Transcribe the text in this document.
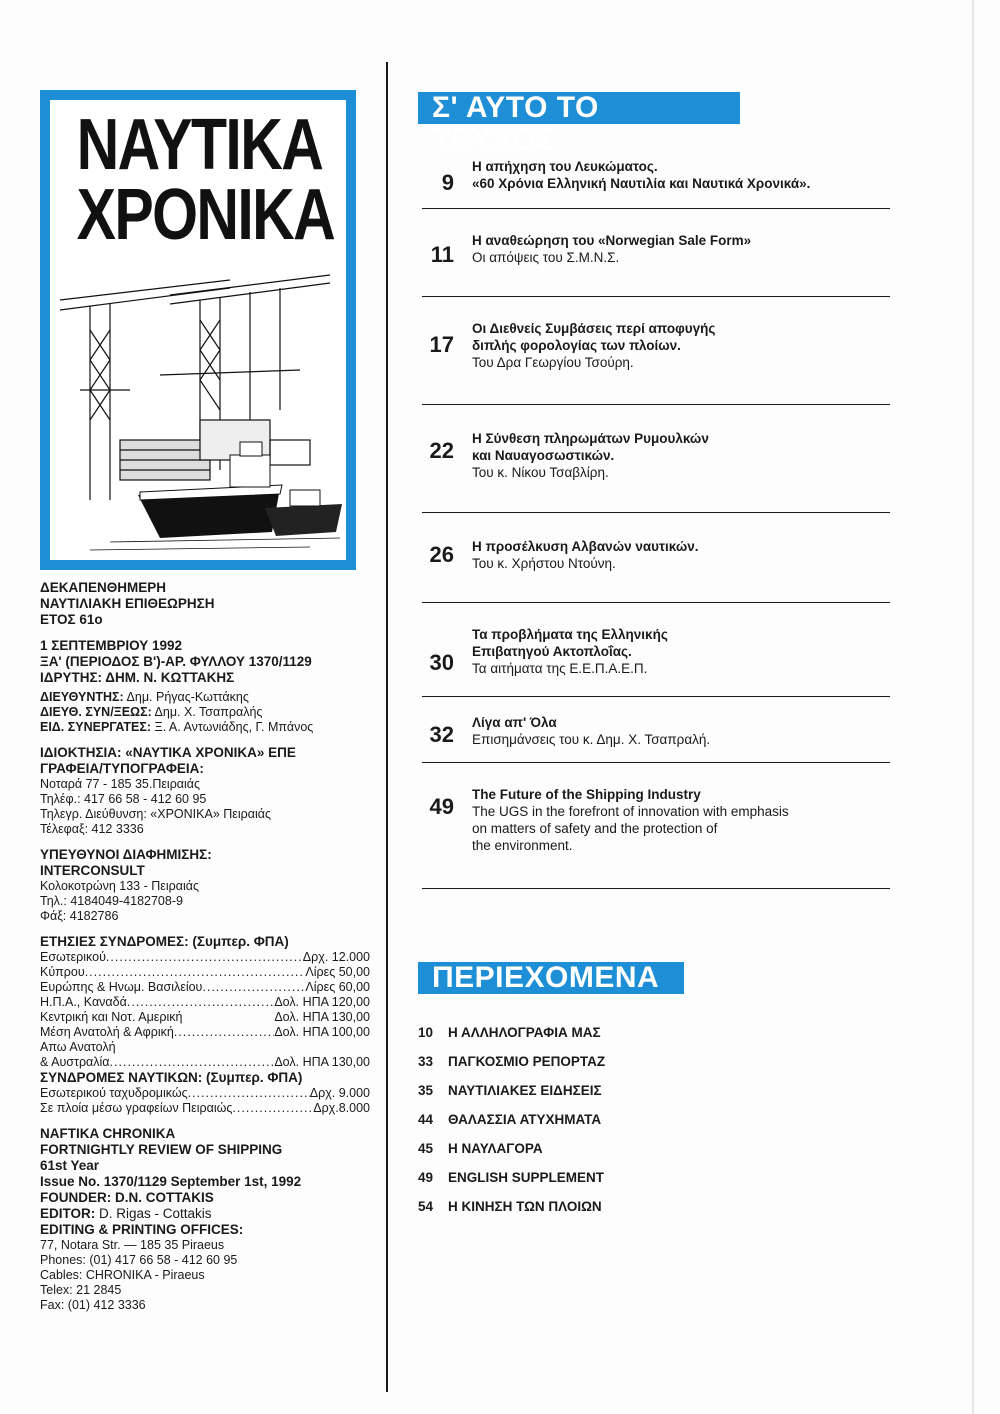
ΝΑΥΤΙΚΑ
ΧΡΟΝΙΚΑ
ΔΕΚΑΠΕΝΘΗΜΕΡΗ
ΝΑΥΤΙΛΙΑΚΗ ΕΠΙΘΕΩΡΗΣΗ
ΕΤΟΣ 61ο
1 ΣΕΠΤΕΜΒΡΙΟΥ 1992
ΞΑ' (ΠΕΡΙΟΔΟΣ Β')-ΑΡ. ΦΥΛΛΟΥ 1370/1129
ΙΔΡΥΤΗΣ: ΔΗΜ. Ν. ΚΩΤΤΑΚΗΣ
ΔΙΕΥΘΥΝΤΗΣ: Δημ. Ρήγας-Κωττάκης
ΔΙΕΥΘ. ΣΥΝ/ΞΕΩΣ: Δημ. Χ. Τσαπραλής
ΕΙΔ. ΣΥΝΕΡΓΑΤΕΣ: Ξ. Α. Αντωνιάδης, Γ. Μπάνος
ΙΔΙΟΚΤΗΣΙΑ: «ΝΑΥΤΙΚΑ ΧΡΟΝΙΚΑ» ΕΠΕ
ΓΡΑΦΕΙΑ/ΤΥΠΟΓΡΑΦΕΙΑ:
Νοταρά 77 - 185 35.Πειραιάς
Τηλέφ.: 417 66 58 - 412 60 95
Τηλεγρ. Διεύθυνση: «ΧΡΟΝΙΚΑ» Πειραιάς
Τέλεφαξ: 412 3336
ΥΠΕΥΘΥΝΟΙ ΔΙΑΦΗΜΙΣΗΣ:
INTERCONSULT
Κολοκοτρώνη 133 - Πειραιάς
Τηλ.: 4184049-4182708-9
Φάξ: 4182786
ΕΤΗΣΙΕΣ ΣΥΝΔΡΟΜΕΣ: (Συμπερ. ΦΠΑ)
Εσωτερικού .....	Δρχ. 12.000
Κύπρου .....	Λίρες 50,00
Ευρώπης & Ηνωμ. Βασιλείου .....	Λίρες 60,00
Η.Π.Α., Καναδά .....	Δολ. ΗΠΑ 120,00
Κεντρική και Νοτ. Αμερική	Δολ. ΗΠΑ 130,00
Μέση Ανατολή & Αφρική .....	Δολ. ΗΠΑ 100,00
Απω Ανατολή
& Αυστραλία .....	Δολ. ΗΠΑ 130,00
ΣΥΝΔΡΟΜΕΣ ΝΑΥΤΙΚΩΝ: (Συμπερ. ΦΠΑ)
Εσωτερικού ταχυδρομικώς .....	Δρχ. 9.000
Σε πλοία μέσω γραφείων Πειραιώς .....	Δρχ.8.000
NAFTIKA CHRONIKA
FORTNIGHTLY REVIEW OF SHIPPING
61st Year
Issue No. 1370/1129 September 1st, 1992
FOUNDER: D.N. COTTAKIS
EDITOR: D. Rigas - Cottakis
EDITING & PRINTING OFFICES:
77, Notara Str. — 185 35 Piraeus
Phones: (01) 417 66 58 - 412 60 95
Cables: CHRONIKA - Piraeus
Telex: 21 2845
Fax: (01) 412 3336
Σ' ΑΥΤΟ ΤΟ ΤΕΥΧΟΣ
9
Η απήχηση του Λευκώματος.
«60 Χρόνια Ελληνική Ναυτιλία και Ναυτικά Χρονικά».
11
Η αναθεώρηση του «Norwegian Sale Form»
Οι απόψεις του Σ.Μ.Ν.Σ.
17
Οι Διεθνείς Συμβάσεις περί αποφυγής
διπλής φορολογίας των πλοίων.
Του Δρα Γεωργίου Τσούρη.
22 Η Σύνθεση πληρωμάτων Ρυμουλκών
και Ναυαγοσωστικών.
Του κ. Νίκου Τσαβλίρη.
26 Η προσέλκυση Αλβανών ναυτικών.
Του κ. Χρήστου Ντούνη.
30
Τα προβλήματα της Ελληνικής
Επιβατηγού Ακτοπλοΐας.
Τα αιτήματα της Ε.Ε.Π.Α.Ε.Π.
32 Λίγα απ' Όλα
Επισημάνσεις του κ. Δημ. Χ. Τσαπραλή.
49 The Future of the Shipping Industry
The UGS in the forefront of innovation with emphasis
on matters of safety and the protection of
the environment.
ΠΕΡΙΕΧΟΜΕΝΑ
10	Η ΑΛΛΗΛΟΓΡΑΦΙΑ ΜΑΣ
33	ΠΑΓΚΟΣΜΙΟ ΡΕΠΟΡΤΑΖ
35	ΝΑΥΤΙΛΙΑΚΕΣ ΕΙΔΗΣΕΙΣ
44	ΘΑΛΑΣΣΙΑ ΑΤΥΧΗΜΑΤΑ
45	Η ΝΑΥΛΑΓΟΡΑ
49	ENGLISH SUPPLEMENT
54	Η ΚΙΝΗΣΗ ΤΩΝ ΠΛΟΙΩΝ
